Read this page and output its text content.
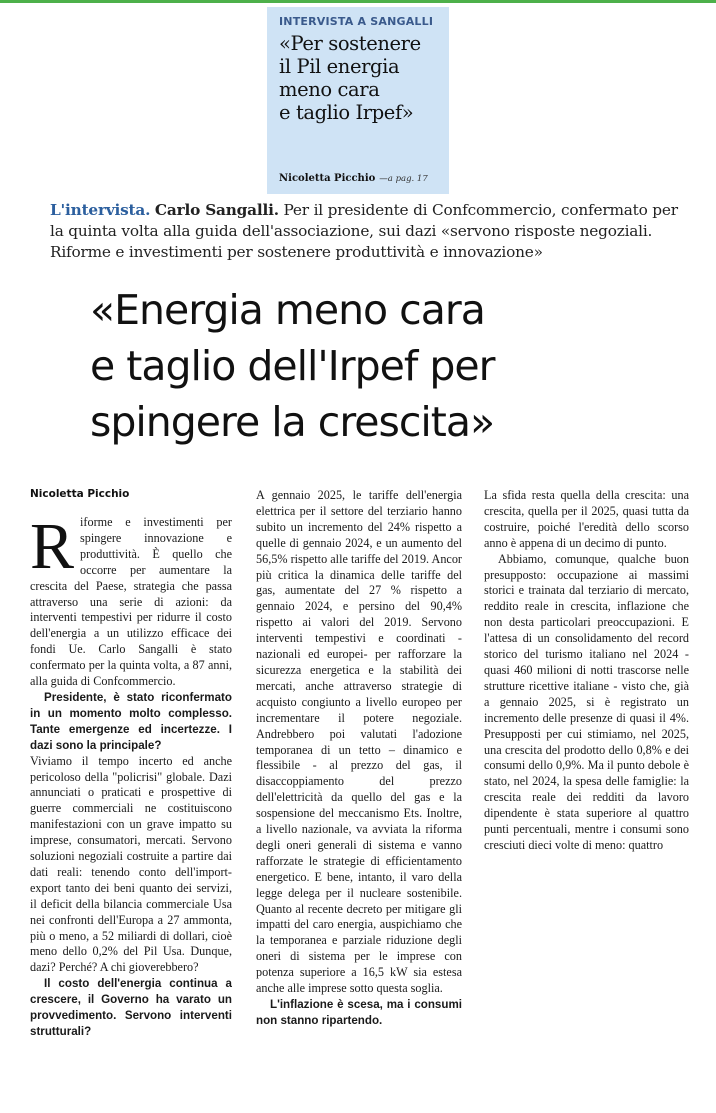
INTERVISTA A SANGALLI
«Per sostenere
il Pil energia
meno cara
e taglio Irpef»
Nicoletta Picchio —a pag. 17
L'intervista. Carlo Sangalli. Per il presidente di Confcommercio, confermato per la quinta volta alla guida dell'associazione, sui dazi «servono risposte negoziali. Riforme e investimenti per sostenere produttività e innovazione»
«Energia meno cara
e taglio dell'Irpef per
spingere la crescita»
Nicoletta Picchio

Riforme e investimenti per spingere innovazione e produttività. È quello che occorre per aumentare la crescita del Paese, strategia che passa attraverso una serie di azioni: da interventi tempestivi per ridurre il costo dell'energia a un utilizzo efficace dei fondi Ue. Carlo Sangalli è stato confermato per la quinta volta, a 87 anni, alla guida di Confcommercio.

Presidente, è stato riconfermato in un momento molto complesso. Tante emergenze ed incertezze. I dazi sono la principale?

Viviamo il tempo incerto ed anche pericoloso della "policrisi" globale. Dazi annunciati o praticati e prospettive di guerre commerciali ne costituiscono manifestazioni con un grave impatto su imprese, consumatori, mercati. Servono soluzioni negoziali costruite a partire dai dati reali: tenendo conto dell'import-export tanto dei beni quanto dei servizi, il deficit della bilancia commerciale Usa nei confronti dell'Europa a 27 ammonta, più o meno, a 52 miliardi di dollari, cioè meno dello 0,2% del Pil Usa. Dunque, dazi? Perché? A chi gioverebbero?

Il costo dell'energia continua a crescere, il Governo ha varato un provvedimento. Servono interventi strutturali?

A gennaio 2025, le tariffe dell'energia elettrica per il settore del terziario hanno subito un incremento del 24% rispetto a quelle di gennaio 2024, e un aumento del 56,5% rispetto alle tariffe del 2019. Ancor più critica la dinamica delle tariffe del gas, aumentate del 27 % rispetto a gennaio 2024, e persino del 90,4% rispetto ai valori del 2019. Servono interventi tempestivi e coordinati - nazionali ed europei- per rafforzare la sicurezza energetica e la stabilità dei mercati, anche attraverso strategie di acquisto congiunto a livello europeo per incrementare il potere negoziale. Andrebbero poi valutati l'adozione temporanea di un tetto – dinamico e flessibile - al prezzo del gas, il disaccoppiamento del prezzo dell'elettricità da quello del gas e la sospensione del meccanismo Ets. Inoltre, a livello nazionale, va avviata la riforma degli oneri generali di sistema e vanno rafforzate le strategie di efficientamento energetico. E bene, intanto, il varo della legge delega per il nucleare sostenibile. Quanto al recente decreto per mitigare gli impatti del caro energia, auspichiamo che la temporanea e parziale riduzione degli oneri di sistema per le imprese con potenza superiore a 16,5 kW sia estesa anche alle imprese sotto questa soglia.

L'inflazione è scesa, ma i consumi non stanno ripartendo.

La sfida resta quella della crescita: una crescita, quella per il 2025, quasi tutta da costruire, poiché l'eredità dello scorso anno è appena di un decimo di punto.

Abbiamo, comunque, qualche buon presupposto: occupazione ai massimi storici e trainata dal terziario di mercato, reddito reale in crescita, inflazione che non desta particolari preoccupazioni. E l'attesa di un consolidamento del record storico del turismo italiano nel 2024 - quasi 460 milioni di notti trascorse nelle strutture ricettive italiane - visto che, già a gennaio 2025, si è registrato un incremento delle presenze di quasi il 4%. Presupposti per cui stimiamo, nel 2025, una crescita del prodotto dello 0,8% e dei consumi dello 0,9%. Ma il punto debole è stato, nel 2024, la spesa delle famiglie: la crescita reale dei redditi da lavoro dipendente è stata superiore al quattro punti percentuali, mentre i consumi sono cresciuti dieci volte di meno: quattro
